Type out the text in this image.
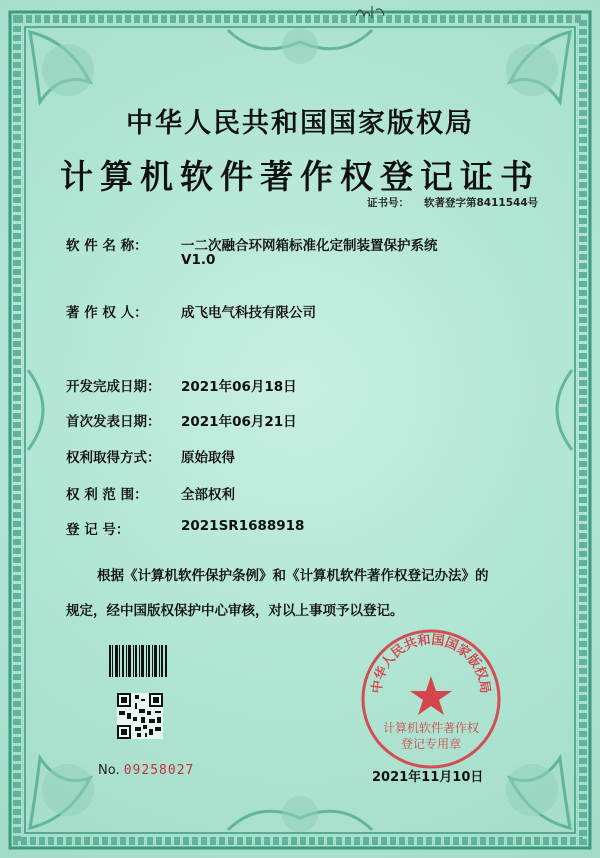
中华人民共和国国家版权局
计算机软件著作权登记证书
证书号： 软著登字第8411544号
软 件 名 称： 一二次融合环网箱标准化定制装置保护系统
V1.0
著 作 权 人： 成飞电气科技有限公司
开发完成日期： 2021年06月18日
首次发表日期： 2021年06月21日
权利取得方式： 原始取得
权 利 范 围： 全部权利
登 记 号：	2021SR1688918
根据《计算机软件保护条例》和《计算机软件著作权登记办法》的
规定，经中国版权保护中心审核，对以上事项予以登记。
No. 09258027
中华人民共和国国家版权局
计算机软件著作权
登记专用章
2021年11月10日
